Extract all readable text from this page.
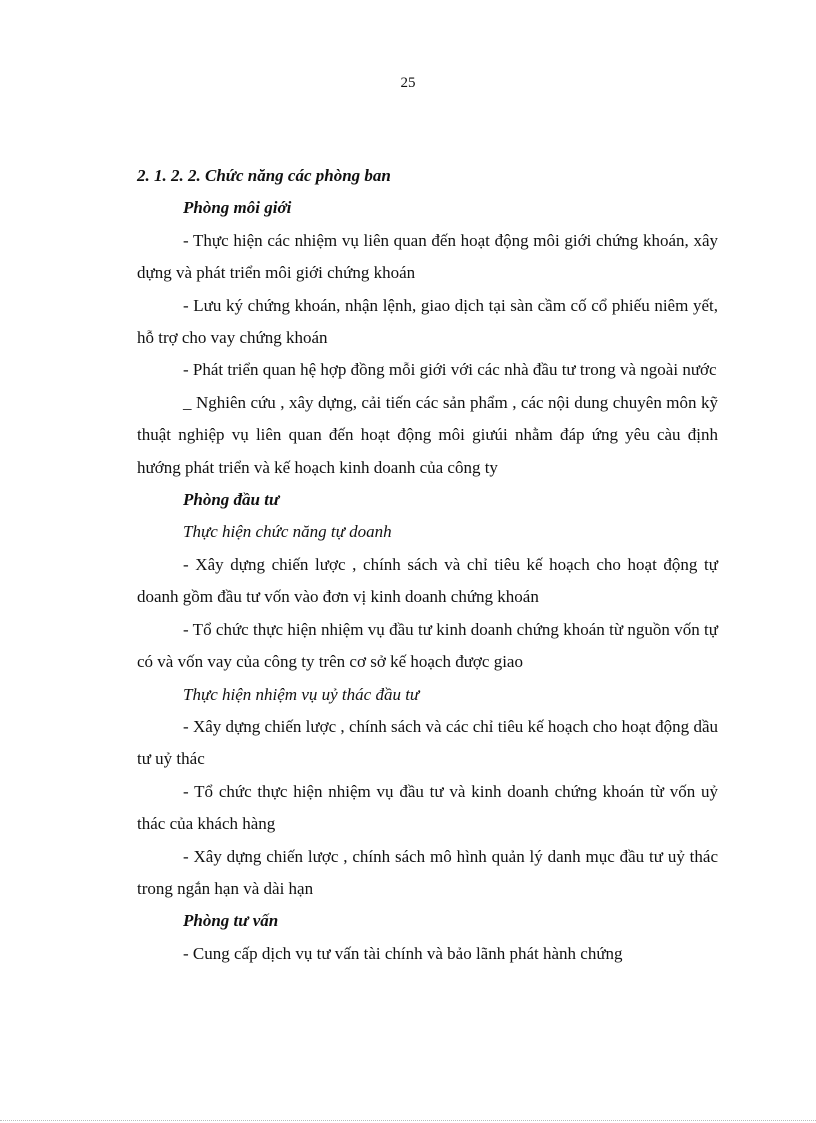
25

2. 1. 2. 2. Chức năng các phòng ban

Phòng môi giới

- Thực hiện các nhiệm vụ liên quan đến hoạt động môi giới chứng khoán, xây dựng và phát triển môi giới chứng khoán

- Lưu ký chứng khoán, nhận lệnh, giao dịch tại sàn cầm cố cổ phiếu niêm yết, hỗ trợ cho vay chứng khoán

- Phát triển quan hệ hợp đồng mỗi giới với các nhà đầu tư trong và ngoài nước

_ Nghiên cứu , xây dựng, cải tiến các sản phẩm , các nội dung chuyên môn kỹ thuật nghiệp vụ liên quan đến hoạt động môi giưúi nhằm đáp ứng yêu càu định hướng phát triển và kế hoạch kinh doanh của công ty

Phòng đầu tư

Thực hiện chức năng tự doanh

- Xây dựng chiến lược , chính sách và chỉ tiêu kế hoạch cho hoạt động tự doanh gồm đầu tư vốn vào đơn vị kinh doanh chứng khoán

- Tổ chức thực hiện nhiệm vụ đầu tư kinh doanh chứng khoán từ nguồn vốn tự có và vốn vay của công ty trên cơ sở kế hoạch được giao

Thực hiện nhiệm vụ uỷ thác đầu tư

- Xây dựng chiến lược , chính sách và các chỉ tiêu kế hoạch cho hoạt động dầu tư uỷ thác

- Tổ chức thực hiện nhiệm vụ đầu tư và kinh doanh chứng khoán từ vốn uỷ thác của khách hàng

- Xây dựng chiến lược , chính sách mô hình quản lý danh mục đầu tư uỷ thác trong ngắn hạn và dài hạn

Phòng tư vấn

- Cung cấp dịch vụ tư vấn tài chính và bảo lãnh phát hành chứng
